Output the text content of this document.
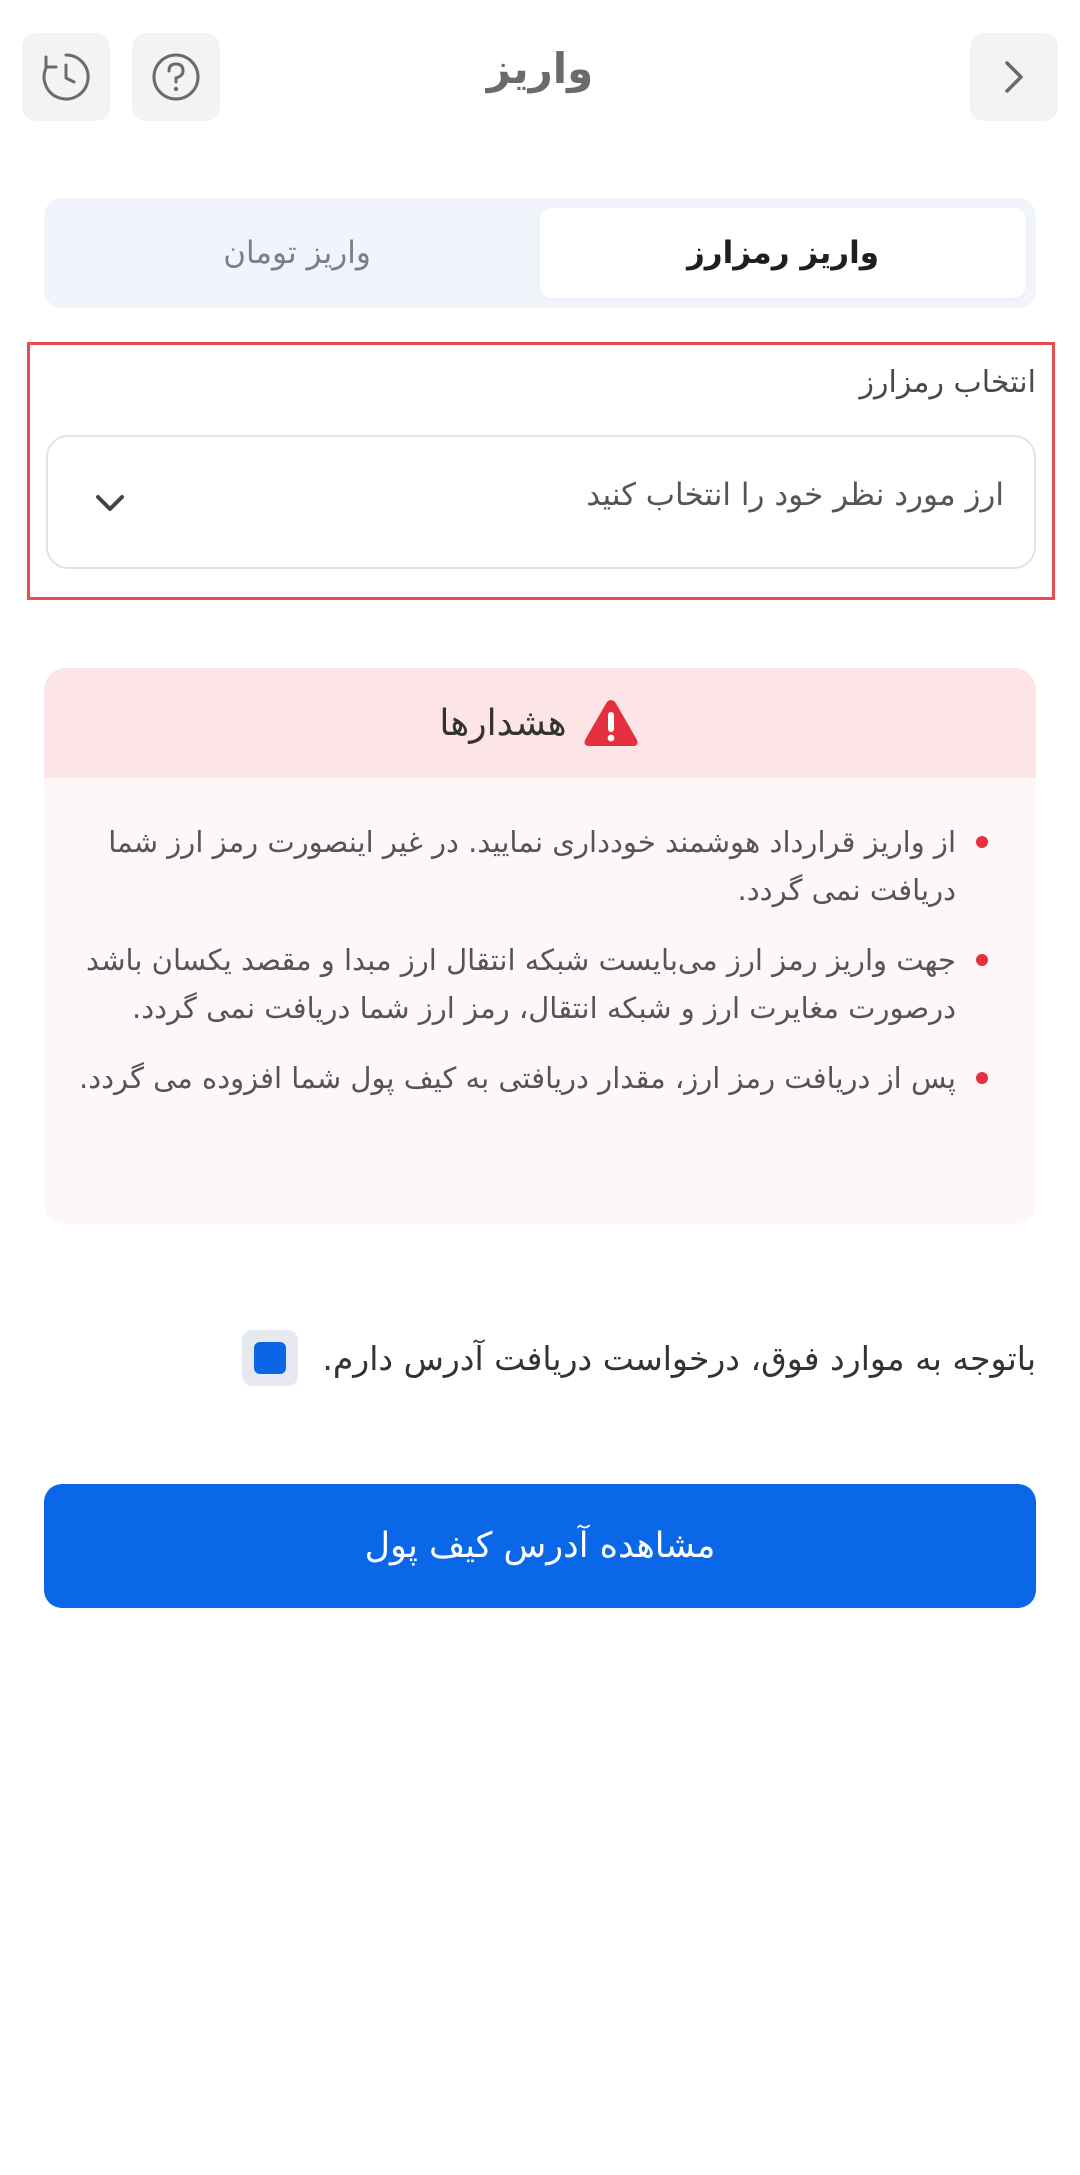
واریز
واریز رمزارز
واریز تومان
انتخاب رمزارز
ارز مورد نظر خود را انتخاب کنید
هشدارها
از واریز قرارداد هوشمند خودداری نمایید. در غیر اینصورت رمز ارز شما دریافت نمی گردد.
جهت واریز رمز ارز می‌بایست شبکه انتقال ارز مبدا و مقصد یکسان باشد درصورت مغایرت ارز و شبکه انتقال، رمز ارز شما دریافت نمی گردد.
پس از دریافت رمز ارز، مقدار دریافتی به کیف پول شما افزوده می گردد.
باتوجه به موارد فوق، درخواست دریافت آدرس دارم.
مشاهده آدرس کیف پول
